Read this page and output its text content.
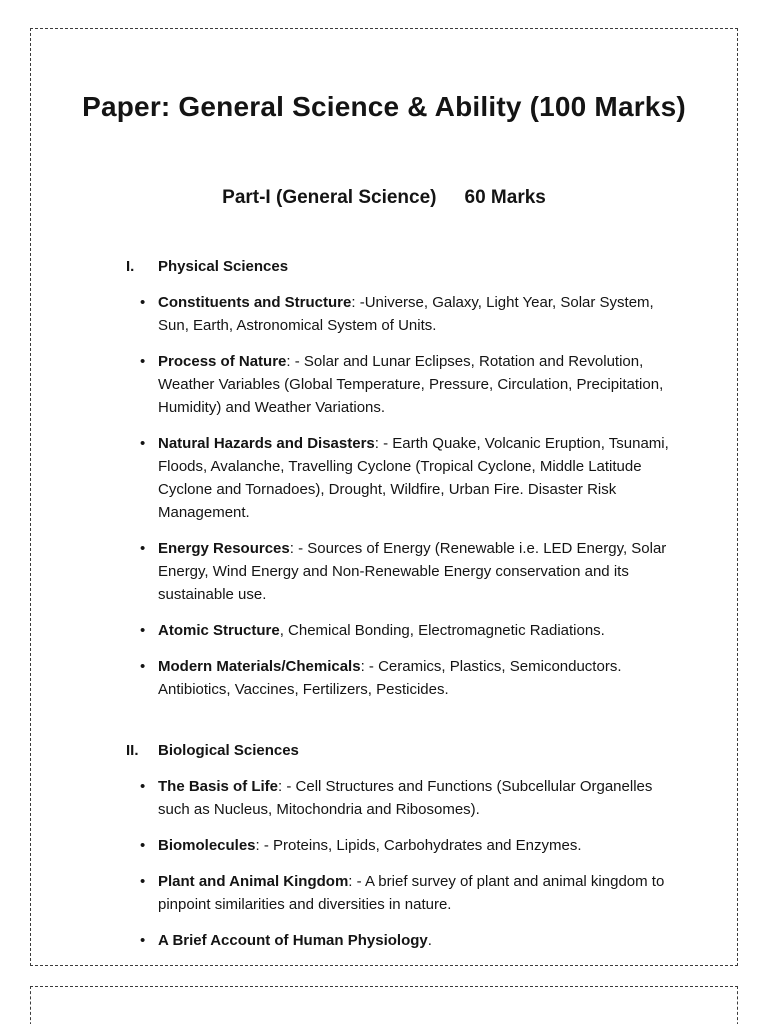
Paper: General Science & Ability (100 Marks)
Part-I (General Science) 60 Marks
I.	Physical Sciences
• Constituents and Structure: -Universe, Galaxy, Light Year, Solar System, Sun, Earth, Astronomical System of Units.
• Process of Nature: - Solar and Lunar Eclipses, Rotation and Revolution, Weather Variables (Global Temperature, Pressure, Circulation, Precipitation, Humidity) and Weather Variations.
• Natural Hazards and Disasters: - Earth Quake, Volcanic Eruption, Tsunami, Floods, Avalanche, Travelling Cyclone (Tropical Cyclone, Middle Latitude Cyclone and Tornadoes), Drought, Wildfire, Urban Fire. Disaster Risk Management.
• Energy Resources: - Sources of Energy (Renewable i.e. LED Energy, Solar Energy, Wind Energy and Non-Renewable Energy conservation and its sustainable use.
• Atomic Structure, Chemical Bonding, Electromagnetic Radiations.
• Modern Materials/Chemicals: - Ceramics, Plastics, Semiconductors. Antibiotics, Vaccines, Fertilizers, Pesticides.
II.	Biological Sciences
• The Basis of Life: - Cell Structures and Functions (Subcellular Organelles such as Nucleus, Mitochondria and Ribosomes).
• Biomolecules: - Proteins, Lipids, Carbohydrates and Enzymes.
• Plant and Animal Kingdom: - A brief survey of plant and animal kingdom to pinpoint similarities and diversities in nature.
• A Brief Account of Human Physiology.
